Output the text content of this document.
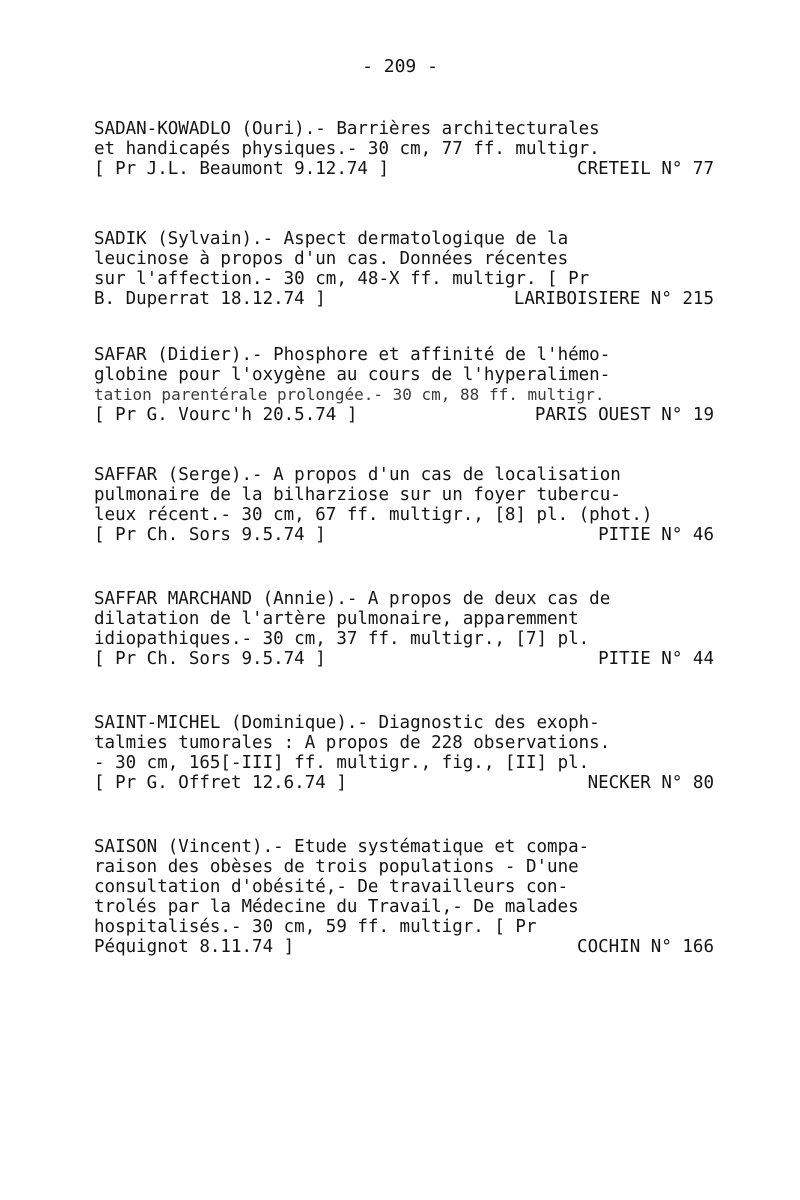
- 209 -
SADAN-KOWADLO (Ouri).- Barrières architecturales
et handicapés physiques.- 30 cm, 77 ff. multigr.

[ Pr J.L. Beaumont 9.12.74 ]

	CRETEIL N° 77

SADIK (Sylvain).- Aspect dermatologique de la
leucinose à propos d'un cas. Données récentes
sur l'affection.- 30 cm, 48-X ff. multigr. [ Pr

B. Duperrat 18.12.74 ]

	LARIBOISIERE N° 215

SAFAR (Didier).- Phosphore et affinité de l'hémo-
globine pour l'oxygène au cours de l'hyperalimen-
tation parentérale prolongée.- 30 cm, 88 ff. multigr.

[ Pr G. Vourc'h 20.5.74 ]

	PARIS OUEST N° 19

SAFFAR (Serge).- A propos d'un cas de localisation
pulmonaire de la bilharziose sur un foyer tubercu-
leux récent.- 30 cm, 67 ff. multigr., [8] pl. (phot.)

[ Pr Ch. Sors 9.5.74 ]

	PITIE N° 46

SAFFAR MARCHAND (Annie).- A propos de deux cas de
dilatation de l'artère pulmonaire, apparemment
idiopathiques.- 30 cm, 37 ff. multigr., [7] pl.

[ Pr Ch. Sors 9.5.74 ]

	PITIE N° 44

SAINT-MICHEL (Dominique).- Diagnostic des exoph-
talmies tumorales : A propos de 228 observations.
- 30 cm, 165[-III] ff. multigr., fig., [II] pl.

[ Pr G. Offret 12.6.74 ]

	NECKER N° 80

SAISON (Vincent).- Etude systématique et compa-
raison des obèses de trois populations - D'une
consultation d'obésité,- De travailleurs con-
trolés par la Médecine du Travail,- De malades
hospitalisés.- 30 cm, 59 ff. multigr. [ Pr

Péquignot 8.11.74 ]

	COCHIN N° 166
